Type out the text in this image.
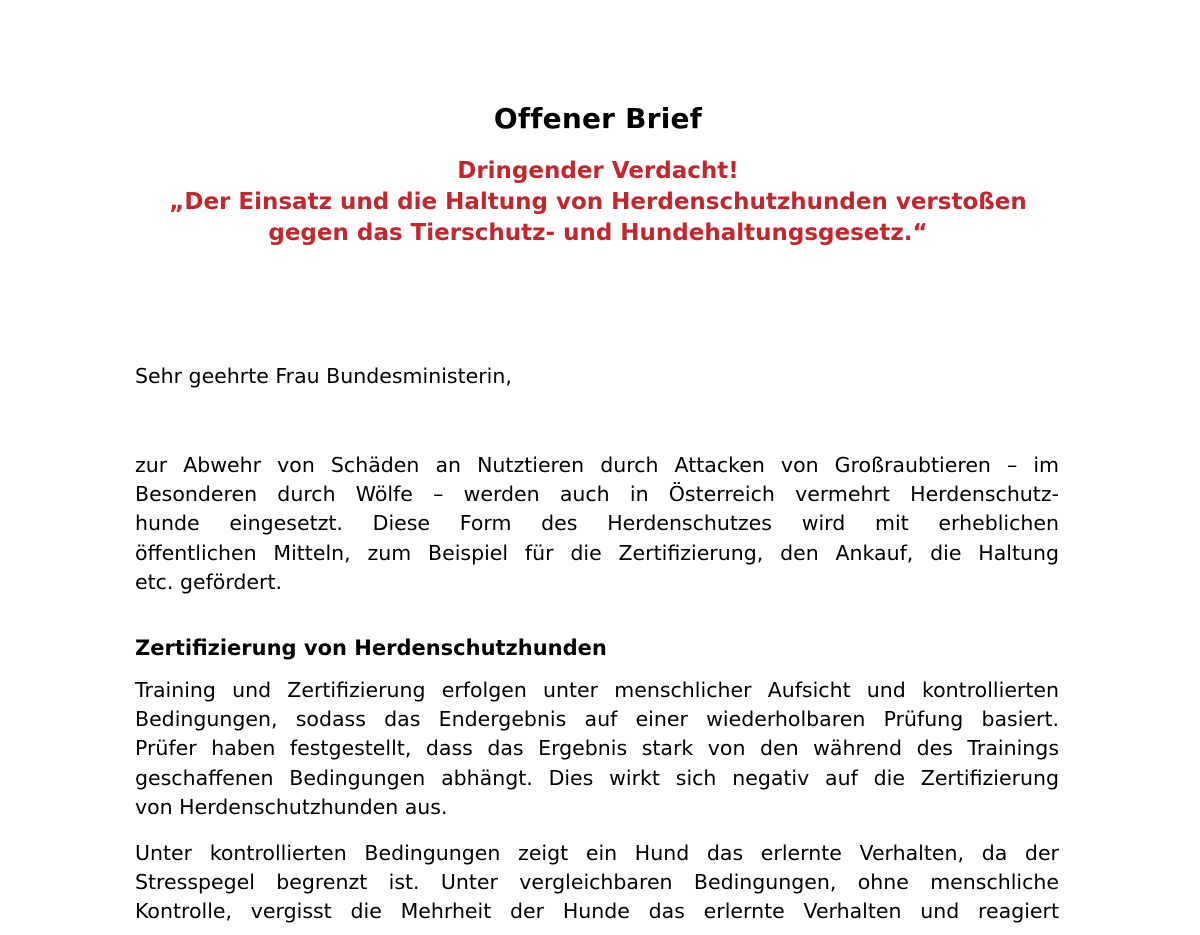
Offener Brief
Dringender Verdacht!
„Der Einsatz und die Haltung von Herdenschutzhunden verstoßen
gegen das Tierschutz- und Hundehaltungsgesetz.“

Sehr geehrte Frau Bundesministerin,

zur Abwehr von Schäden an Nutztieren durch Attacken von Großraubtieren – im
Besonderen durch Wölfe – werden auch in Österreich vermehrt Herdenschutz-
hunde eingesetzt. Diese Form des Herdenschutzes wird mit erheblichen
öffentlichen Mitteln, zum Beispiel für die Zertifizierung, den Ankauf, die Haltung
etc. gefördert.

Zertifizierung von Herdenschutzhunden

Training und Zertifizierung erfolgen unter menschlicher Aufsicht und kontrollierten
Bedingungen, sodass das Endergebnis auf einer wiederholbaren Prüfung basiert.
Prüfer haben festgestellt, dass das Ergebnis stark von den während des Trainings
geschaffenen Bedingungen abhängt. Dies wirkt sich negativ auf die Zertifizierung
von Herdenschutzhunden aus.

Unter kontrollierten Bedingungen zeigt ein Hund das erlernte Verhalten, da der
Stresspegel begrenzt ist. Unter vergleichbaren Bedingungen, ohne menschliche
Kontrolle, vergisst die Mehrheit der Hunde das erlernte Verhalten und reagiert
